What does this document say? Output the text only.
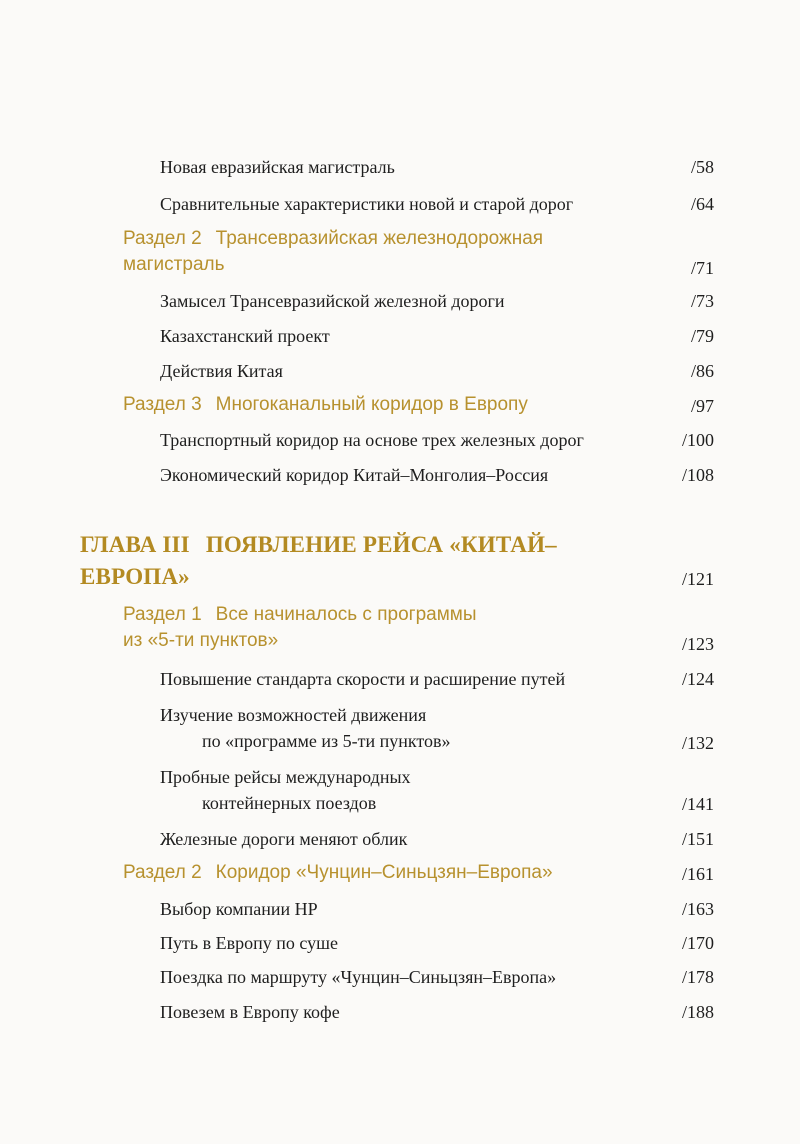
Новая евразийская магистраль	/58
Сравнительные характеристики новой и старой дорог	/64
Раздел 2 Трансевразийская железнодорожная
магистраль	/71
Замысел Трансевразийской железной дороги	/73
Казахстанский проект	/79
Действия Китая	/86
Раздел 3 Многоканальный коридор в Европу	/97
Транспортный коридор на основе трех железных дорог	/100
Экономический коридор Китай–Монголия–Россия	/108
ГЛАВА III ПОЯВЛЕНИЕ РЕЙСА «КИТАЙ–
ЕВРОПА»	/121
Раздел 1 Все начиналось с программы
из «5-ти пунктов»	/123
Повышение стандарта скорости и расширение путей	/124
Изучение возможностей движения
по «программе из 5-ти пунктов»	/132
Пробные рейсы международных
контейнерных поездов	/141
Железные дороги меняют облик	/151
Раздел 2 Коридор «Чунцин–Синьцзян–Европа»	/161
Выбор компании HP	/163
Путь в Европу по суше	/170
Поездка по маршруту «Чунцин–Синьцзян–Европа»	/178
Повезем в Европу кофе	/188
